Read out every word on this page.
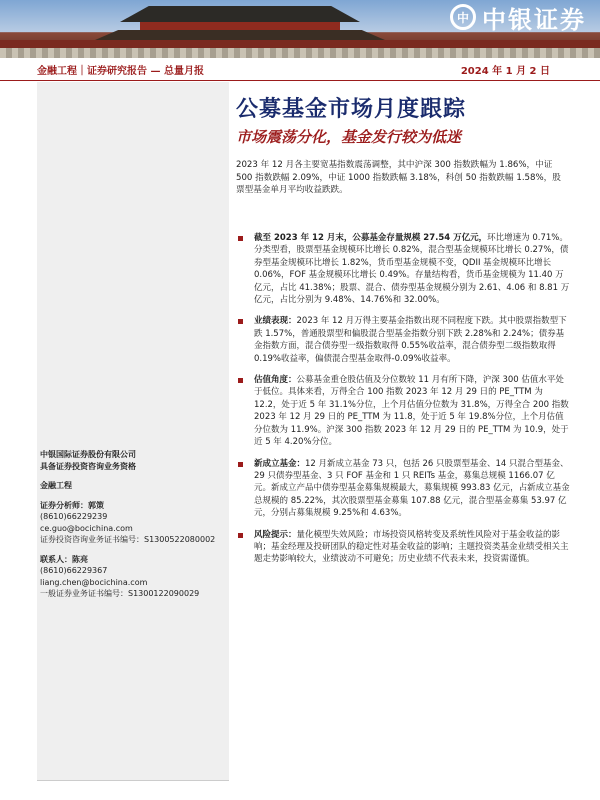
中 中银证券
金融工程｜证券研究报告 — 总量月报	2024 年 1 月 2 日
中银国际证券股份有限公司
具备证券投资咨询业务资格
金融工程
证券分析师：郭策
(8610)66229239
ce.guo@bocichina.com
证券投资咨询业务证书编号：S1300522080002
联系人：陈亮
(8610)66229367
liang.chen@bocichina.com
一般证券业务证书编号：S1300122090029
公募基金市场月度跟踪
市场震荡分化，基金发行较为低迷
2023 年 12 月各主要宽基指数震荡调整，其中沪深 300 指数跌幅为 1.86%，中证 500 指数跌幅 2.09%，中证 1000 指数跌幅 3.18%，科创 50 指数跌幅 1.58%，股票型基金单月平均收益跌跌。
截至 2023 年 12 月末，公募基金存量规模 27.54 万亿元，环比增速为 0.71%。分类型看，股票型基金规模环比增长 0.82%，混合型基金规模环比增长 0.27%，债券型基金规模环比增长 1.82%，货币型基金规模不变，QDII 基金规模环比增长 0.06%，FOF 基金规模环比增长 0.49%。存量结构看，货币基金规模为 11.40 万亿元，占比 41.38%；股票、混合、债券型基金规模分别为 2.61、4.06 和 8.81 万亿元，占比分别为 9.48%、14.76%和 32.00%。
业绩表现：2023 年 12 月万得主要基金指数出现不同程度下跌。其中股票指数型下跌 1.57%，普通股票型和偏股混合型基金指数分别下跌 2.28%和 2.24%；债券基金指数方面，混合债券型一级指数取得 0.55%收益率，混合债券型二级指数取得 0.19%收益率，偏债混合型基金取得-0.09%收益率。
估值角度：公募基金重仓股估值及分位数较 11 月有所下降，沪深 300 估值水平处于低位。具体来看，万得全合 100 指数 2023 年 12 月 29 日的 PE_TTM 为 12.2，处于近 5 年 31.1%分位，上个月估值分位数为 31.8%，万得全合 200 指数 2023 年 12 月 29 日的 PE_TTM 为 11.8，处于近 5 年 19.8%分位，上个月估值分位数为 11.9%。沪深 300 指数 2023 年 12 月 29 日的 PE_TTM 为 10.9，处于近 5 年 4.20%分位。
新成立基金：12 月新成立基金 73 只，包括 26 只股票型基金、14 只混合型基金、29 只债券型基金、3 只 FOF 基金和 1 只 REITs 基金，募集总规模 1166.07 亿元。新成立产品中债券型基金募集规模最大，募集规模 993.83 亿元，占新成立基金总规模的 85.22%，其次股票型基金募集 107.88 亿元，混合型基金募集 53.97 亿元，分别占募集规模 9.25%和 4.63%。
风险提示：量化模型失效风险；市场投资风格转变及系统性风险对于基金收益的影响；基金经理及投研团队的稳定性对基金收益的影响；主题投资类基金业绩受相关主题走势影响较大，业绩波动不可避免；历史业绩不代表未来，投资需谨慎。
